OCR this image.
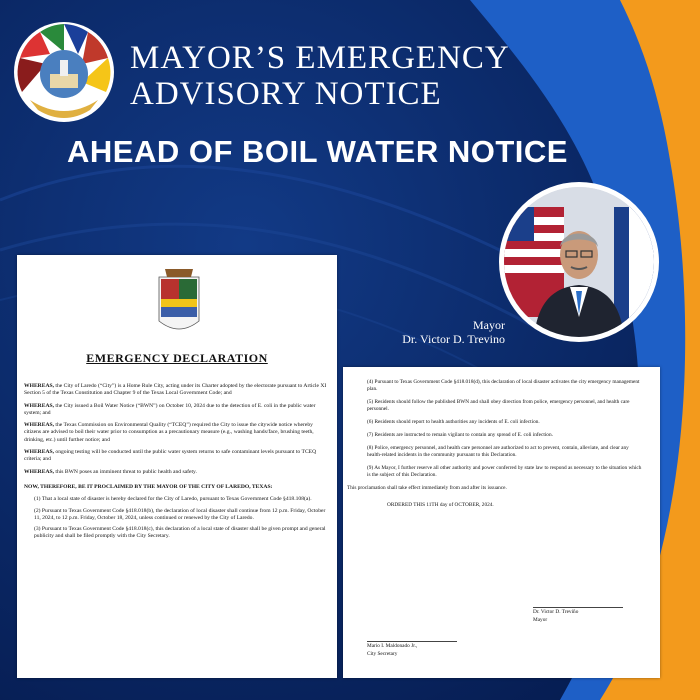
MAYOR’S EMERGENCY
ADVISORY NOTICE
AHEAD OF BOIL WATER NOTICE
Mayor
Dr. Victor D. Trevino
EMERGENCY DECLARATION

WHEREAS, the City of Laredo (“City”) is a Home Rule City, acting under its Charter adopted by the electorate pursuant to Article XI Section 5 of the Texas Constitution and Chapter 9 of the Texas Local Government Code; and

WHEREAS, the City issued a Boil Water Notice (“BWN”) on October 10, 2024 due to the detection of E. coli in the public water system; and

WHEREAS, the Texas Commission on Environmental Quality (“TCEQ”) required the City to issue the citywide notice whereby citizens are advised to boil their water prior to consumption as a precautionary measure (e.g., washing hands/face, brushing teeth, drinking, etc.) until further notice; and

WHEREAS, ongoing testing will be conducted until the public water system returns to safe contaminant levels pursuant to TCEQ criteria; and

WHEREAS, this BWN poses an imminent threat to public health and safety.

NOW, THEREFORE, BE IT PROCLAIMED BY THE MAYOR OF THE CITY OF LAREDO, TEXAS:

(1) That a local state of disaster is hereby declared for the City of Laredo, pursuant to Texas Government Code §418.108(a).
(2) Pursuant to Texas Government Code §418.018(b), the declaration of local disaster shall continue from 12 p.m. Friday, October 11, 2024, to 12 p.m. Friday, October 18, 2024, unless continued or renewed by the City of Laredo.
(3) Pursuant to Texas Government Code §418.018(c), this declaration of a local state of disaster shall be given prompt and general publicity and shall be filed promptly with the City Secretary.

(4) Pursuant to Texas Government Code §418.018(d), this declaration of local disaster activates the city emergency management plan.

(5) Residents should follow the published BWN and shall obey direction from police, emergency personnel, and health care personnel.

(6) Residents should report to health authorities any incidents of E. coli infection.

(7) Residents are instructed to remain vigilant to contain any spread of E. coli infection.

(8) Police, emergency personnel, and health care personnel are authorized to act to prevent, contain, alleviate, and clear any health-related incidents in the community pursuant to this Declaration.

(9) As Mayor, I further reserve all other authority and power conferred by state law to respond as necessary to the situation which is the subject of this Declaration.

This proclamation shall take effect immediately from and after its issuance.

ORDERED THIS 11TH day of OCTOBER, 2024.

Dr. Victor D. Treviño
Mayor
Mario I. Maldonado Jr.,
City Secretary
